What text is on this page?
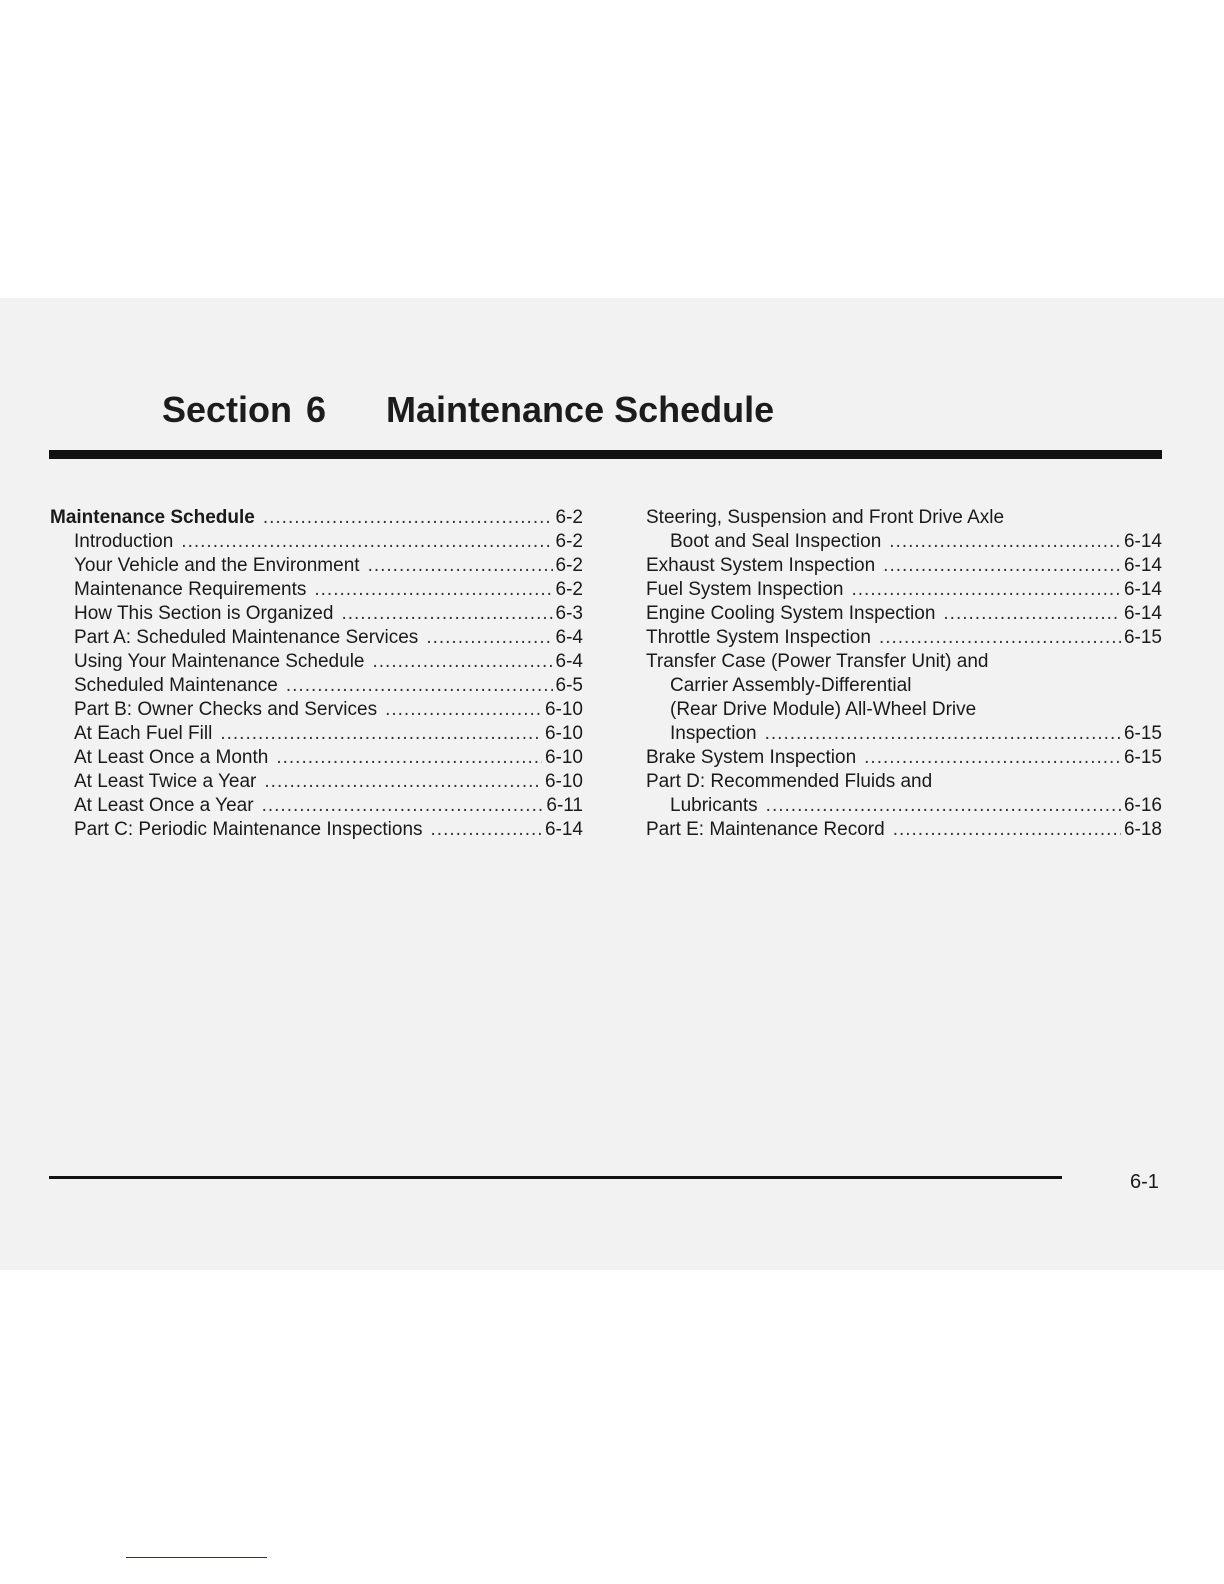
Section 6 Maintenance Schedule
Maintenance Schedule .....	6-2
Introduction .....	6-2
Your Vehicle and the Environment .....	6-2
Maintenance Requirements .....	6-2
How This Section is Organized .....	6-3
Part A: Scheduled Maintenance Services .....	6-4
Using Your Maintenance Schedule .....	6-4
Scheduled Maintenance .....	6-5
Part B: Owner Checks and Services .....	6-10
At Each Fuel Fill .....	6-10
At Least Once a Month .....	6-10
At Least Twice a Year .....	6-10
At Least Once a Year .....	6-11
Part C: Periodic Maintenance Inspections .....	6-14
Steering, Suspension and Front Drive Axle
Boot and Seal Inspection .....	6-14
Exhaust System Inspection .....	6-14
Fuel System Inspection .....	6-14
Engine Cooling System Inspection .....	6-14
Throttle System Inspection .....	6-15
Transfer Case (Power Transfer Unit) and
Carrier Assembly-Differential
(Rear Drive Module) All-Wheel Drive
Inspection .....	6-15
Brake System Inspection .....	6-15
Part D: Recommended Fluids and
Lubricants .....	6-16
Part E: Maintenance Record .....	6-18
6-1
